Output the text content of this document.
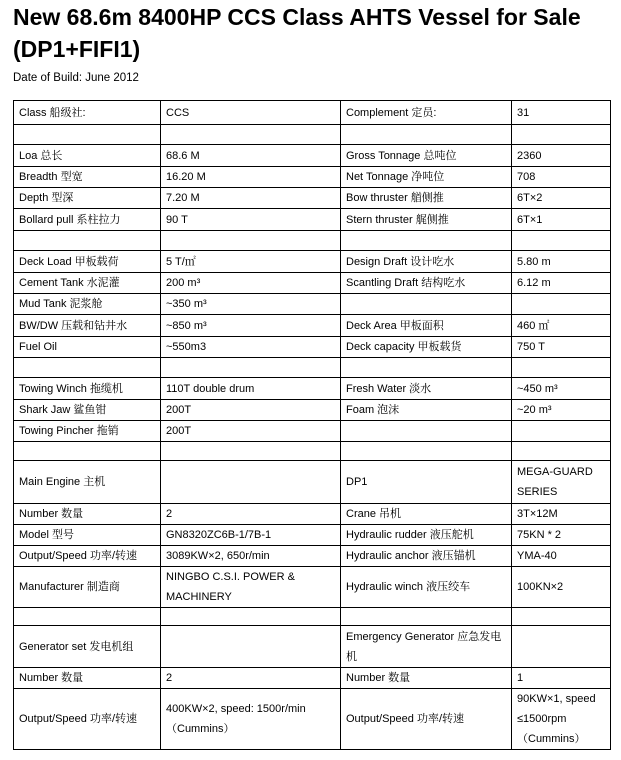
New 68.6m 8400HP CCS Class AHTS Vessel for Sale (DP1+FIFI1)
Date of Build: June 2012
Class 船级社:	CCS	Complement 定员:	31

Loa 总长	68.6 M	Gross Tonnage 总吨位	2360
Breadth 型宽	16.20 M	Net Tonnage 净吨位	708
Depth 型深	7.20 M	Bow thruster 艏侧推	6T×2
Bollard pull 系柱拉力	90 T	Stern thruster 艉侧推	6T×1

Deck Load 甲板载荷	5 T/㎡	Design Draft 设计吃水	5.80 m
Cement Tank 水泥灌	200 m³	Scantling Draft 结构吃水	6.12 m
Mud Tank 泥浆舱	~350 m³		
BW/DW 压载和钻井水	~850 m³	Deck Area 甲板面积	460 ㎡
Fuel Oil	~550m3	Deck capacity 甲板载货	750 T

Towing Winch 拖缆机	110T double drum	Fresh Water 淡水	~450 m³
Shark Jaw 鲨鱼钳	200T	Foam 泡沫	~20 m³
Towing Pincher 拖销	200T		

Main Engine 主机		DP1	MEGA-GUARD SERIES
Number 数量	2	Crane 吊机	3T×12M
Model 型号	GN8320ZC6B-1/7B-1	Hydraulic rudder 液压舵机	75KN * 2
Output/Speed 功率/转速	3089KW×2, 650r/min	Hydraulic anchor 液压锚机	YMA-40
Manufacturer 制造商	NINGBO C.S.I. POWER & MACHINERY	Hydraulic winch 液压绞车	100KN×2

Generator set 发电机组		Emergency Generator 应急发电机	
Number 数量	2	Number 数量	1
Output/Speed 功率/转速	400KW×2, speed: 1500r/min （Cummins）	Output/Speed 功率/转速	90KW×1, speed ≤1500rpm （Cummins）
